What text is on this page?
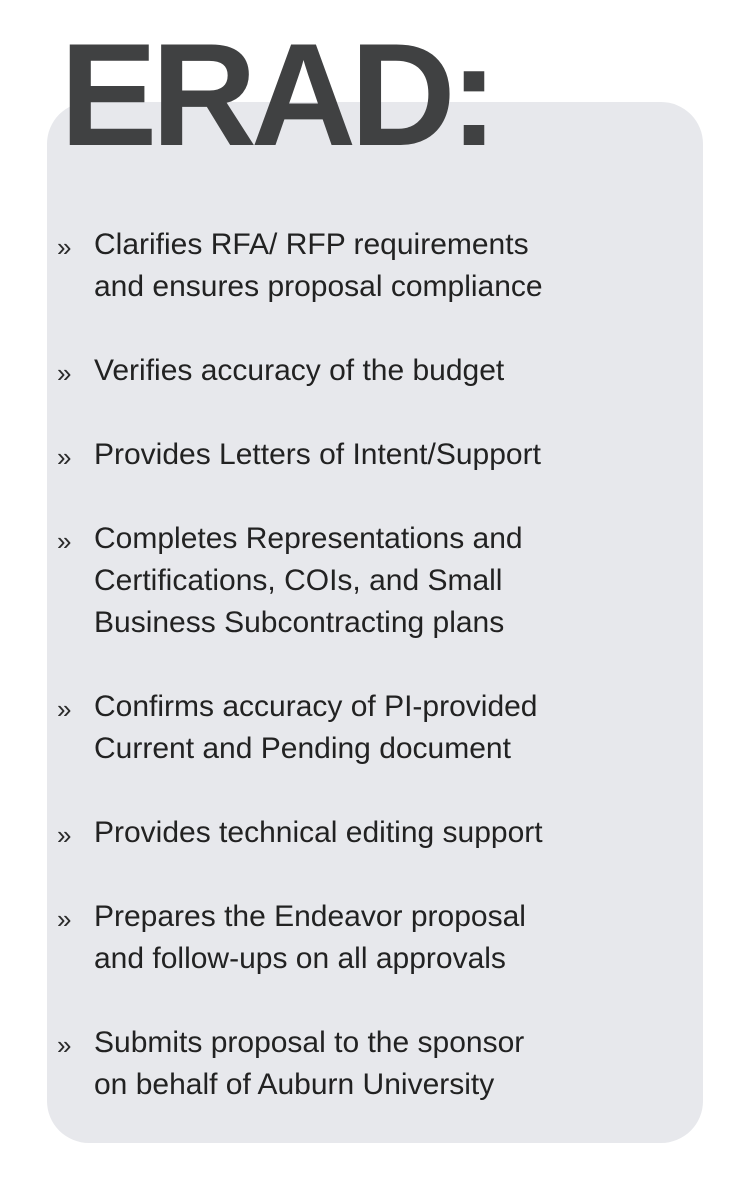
ERAD:
» Clarifies RFA/ RFP requirements
and ensures proposal compliance
» Verifies accuracy of the budget
» Provides Letters of Intent/Support
» Completes Representations and
Certifications, COIs, and Small
Business Subcontracting plans
» Confirms accuracy of PI-provided
Current and Pending document
» Provides technical editing support
» Prepares the Endeavor proposal
and follow-ups on all approvals
» Submits proposal to the sponsor
on behalf of Auburn University
